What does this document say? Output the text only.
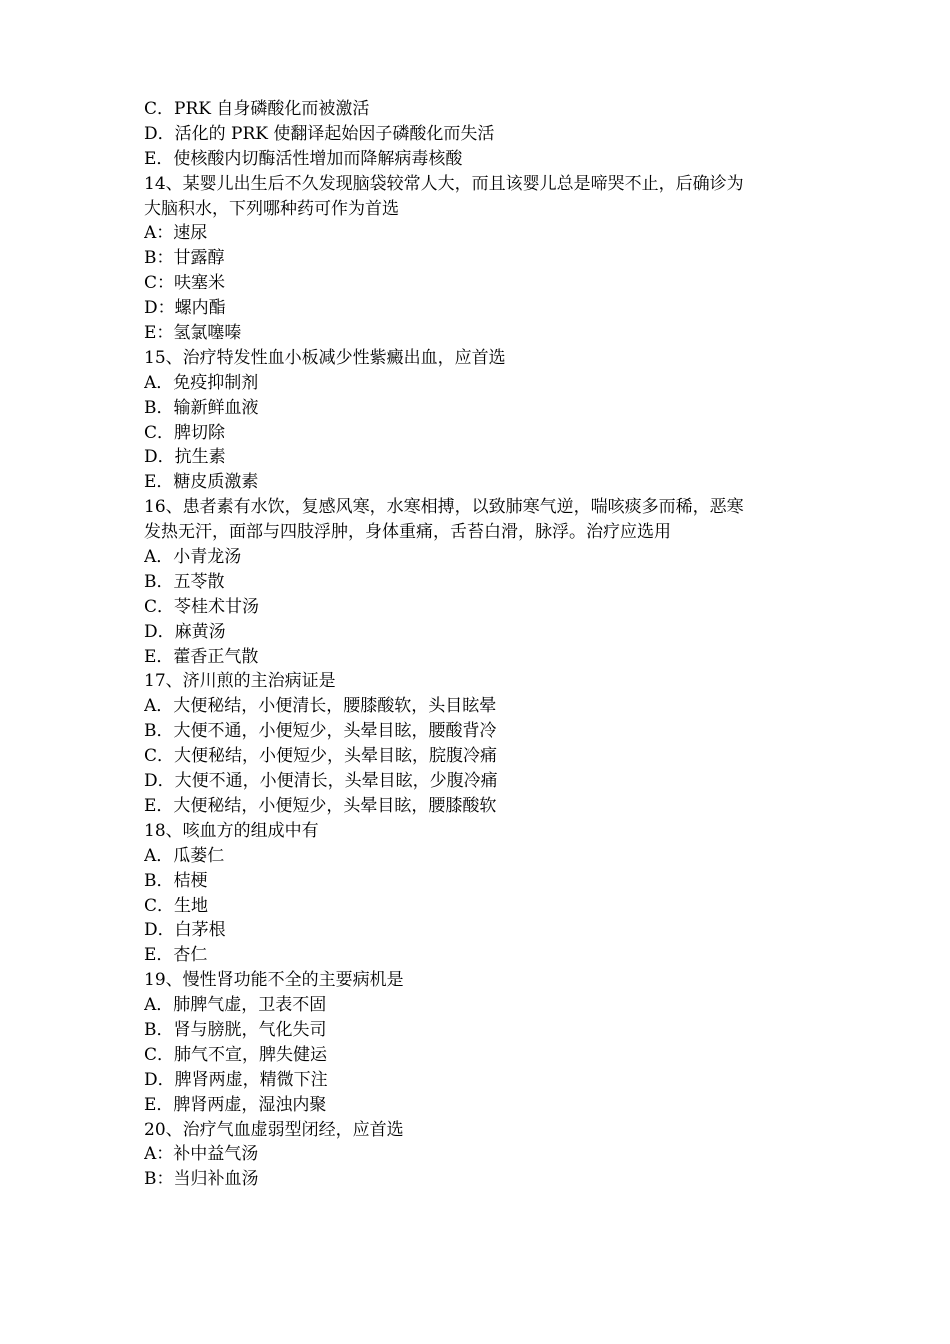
C．PRK 自身磷酸化而被激活
D．活化的 PRK 使翻译起始因子磷酸化而失活
E．使核酸内切酶活性增加而降解病毒核酸
14、某婴儿出生后不久发现脑袋较常人大，而且该婴儿总是啼哭不止，后确诊为
大脑积水，下列哪种药可作为首选
A：速尿
B：甘露醇
C：呋塞米
D：螺内酯
E：氢氯噻嗪
15、治疗特发性血小板减少性紫癜出血，应首选
A．免疫抑制剂
B．输新鲜血液
C．脾切除
D．抗生素
E．糖皮质激素
16、患者素有水饮，复感风寒，水寒相搏，以致肺寒气逆，喘咳痰多而稀，恶寒
发热无汗，面部与四肢浮肿，身体重痛，舌苔白滑，脉浮。治疗应选用
A．小青龙汤
B．五苓散
C．苓桂术甘汤
D．麻黄汤
E．藿香正气散
17、济川煎的主治病证是
A．大便秘结，小便清长，腰膝酸软，头目眩晕
B．大便不通，小便短少，头晕目眩，腰酸背冷
C．大便秘结，小便短少，头晕目眩，脘腹冷痛
D．大便不通，小便清长，头晕目眩，少腹冷痛
E．大便秘结，小便短少，头晕目眩，腰膝酸软
18、咳血方的组成中有
A．瓜蒌仁
B．桔梗
C．生地
D．白茅根
E．杏仁
19、慢性肾功能不全的主要病机是
A．肺脾气虚，卫表不固
B．肾与膀胱，气化失司
C．肺气不宣，脾失健运
D．脾肾两虚，精微下注
E．脾肾两虚，湿浊内聚
20、治疗气血虚弱型闭经，应首选
A：补中益气汤
B：当归补血汤
